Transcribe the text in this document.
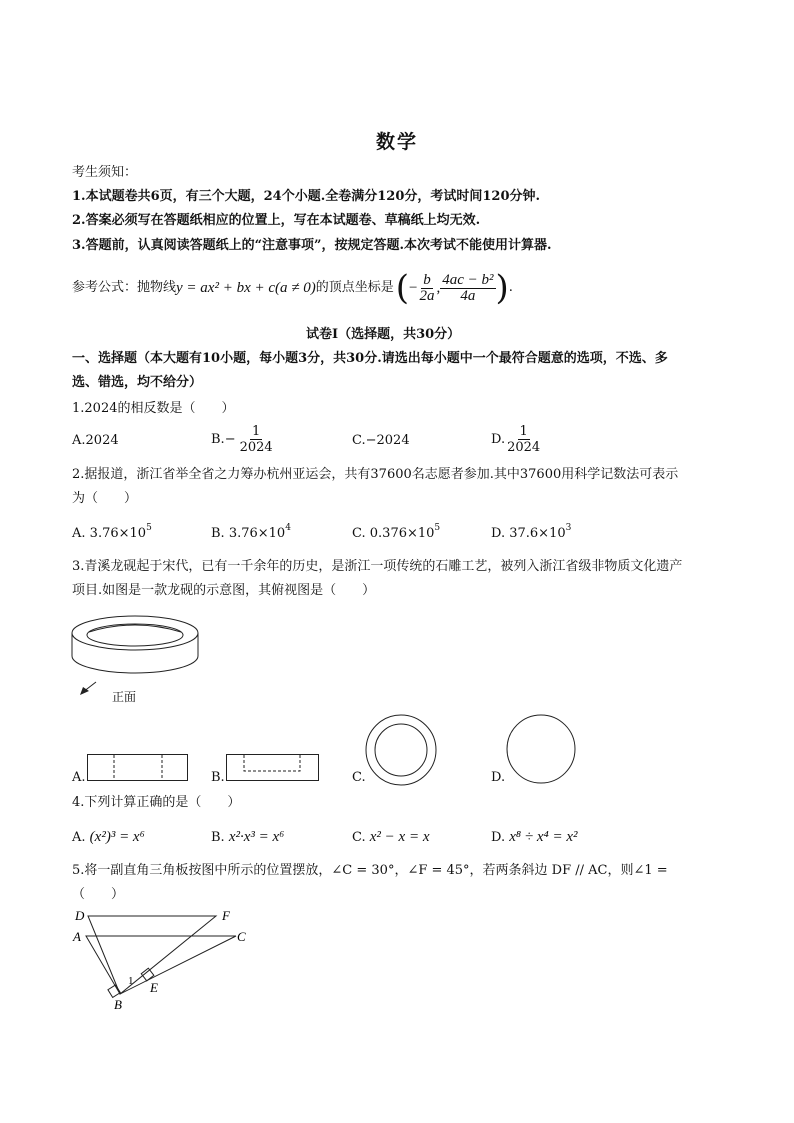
数学
考生须知：
1.本试题卷共6页，有三个大题，24个小题.全卷满分120分，考试时间120分钟.
2.答案必须写在答题纸相应的位置上，写在本试题卷、草稿纸上均无效.
3.答题前，认真阅读答题纸上的“注意事项”，按规定答题.本次考试不能使用计算器.
参考公式：抛物线 y = ax² + bx + c(a ≠ 0) 的顶点坐标是 ( − $\frac{b}{2a}$ , $\frac{\text{4ac − b²}}{4a}$ ) .
试卷Ⅰ（选择题，共30分）
一、选择题（本大题有10小题，每小题3分，共30分.请选出每小题中一个最符合题意的选项，不选、多
选、错选，均不给分）
1.2024的相反数是（　　）
A.2024	B. − $\frac{1}{2024}$	C.−2024	D. $\frac{1}{2024}$
2.据报道，浙江省举全省之力筹办杭州亚运会，共有37600名志愿者参加.其中37600用科学记数法可表示
为（　　）
A. $3.76\times 10^5$	B. $3.76\times 10^4$	C. $0.376\times 10^5$	D. $37.6\times 10^3$
3.青溪龙砚起于宋代，已有一千余年的历史，是浙江一项传统的石雕工艺，被列入浙江省级非物质文化遗产
项目.如图是一款龙砚的示意图，其俯视图是（　　）
正面
A.	B.	C.	D.
4.下列计算正确的是（　　）
A. (x²)³ = x⁶	B. x²·x³ = x⁶	C. x² − x = x	D. x⁸ ÷ x⁴ = x²
5.将一副直角三角板按图中所示的位置摆放，∠C = 30°，∠F = 45°，若两条斜边 DF // AC，则∠1 =
（　　）
D	F
A	C
B
E
1
